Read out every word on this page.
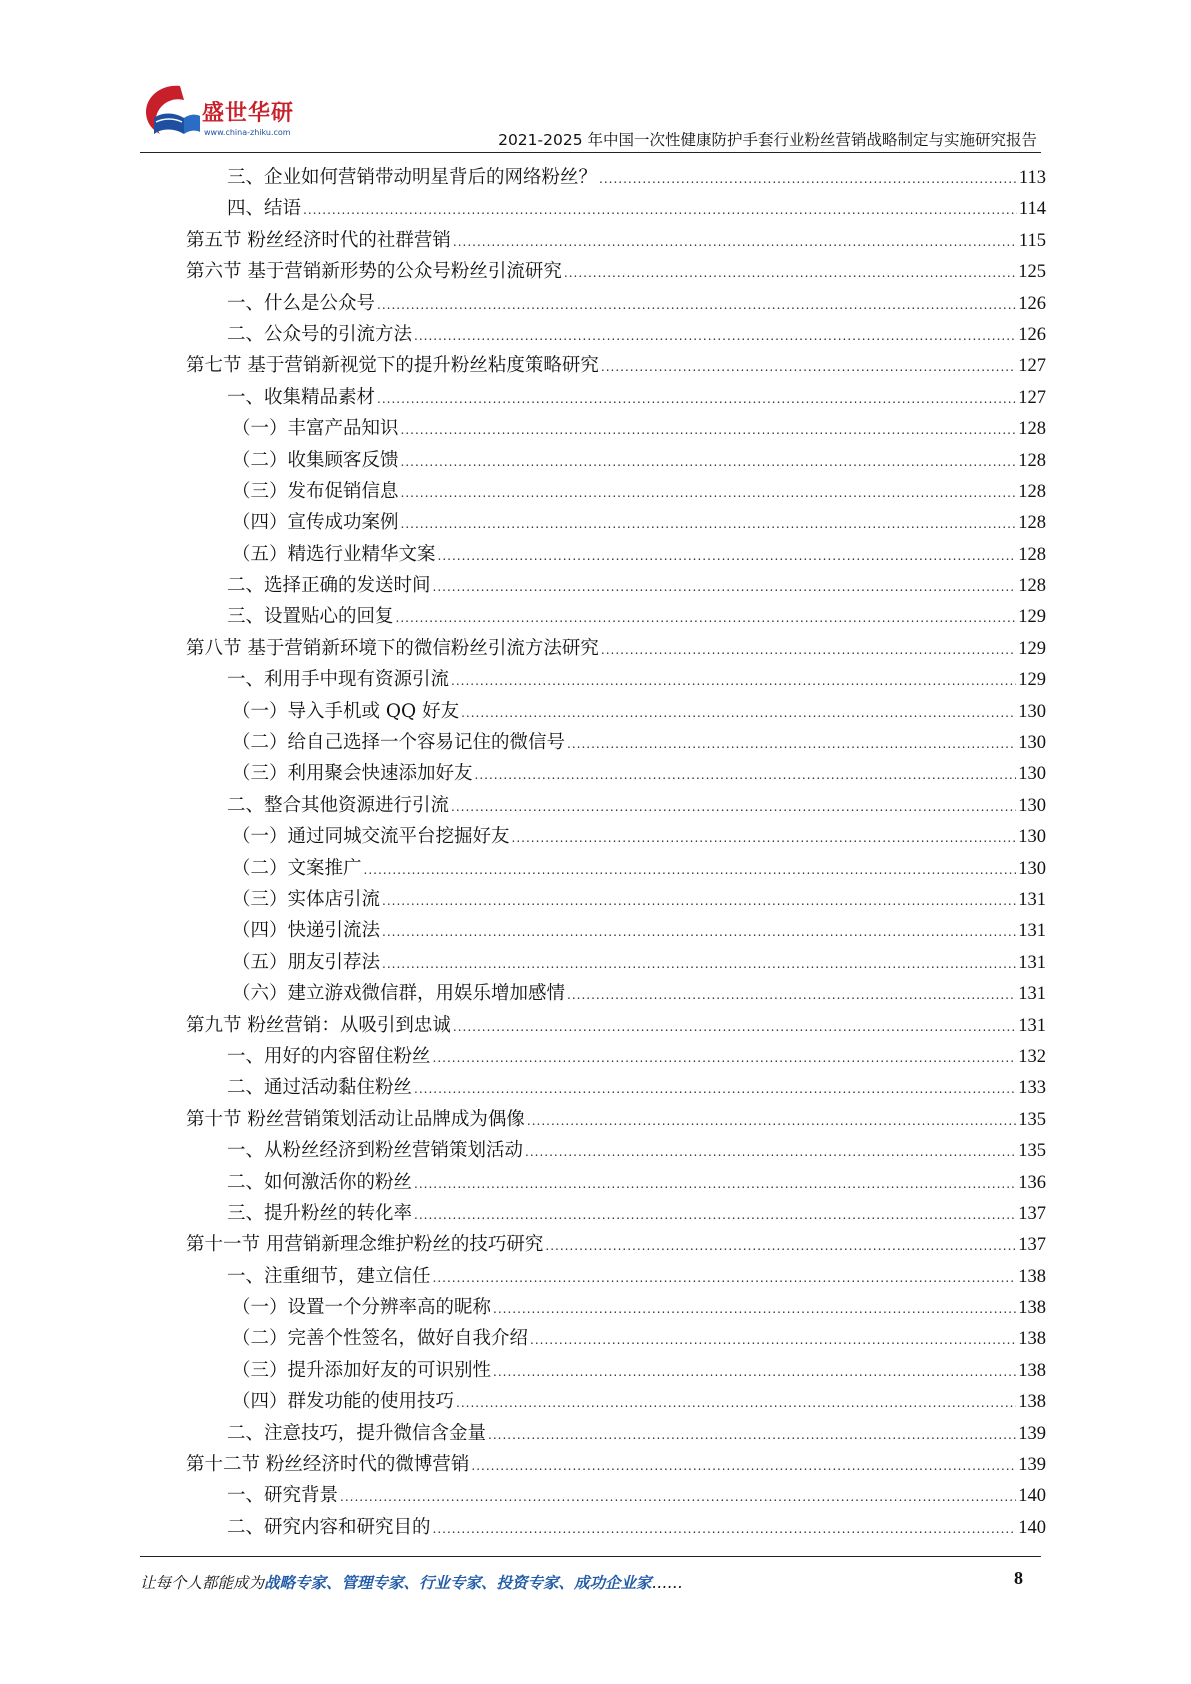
盛世华研
www.china-zhiku.com	2021-2025 年中国一次性健康防护手套行业粉丝营销战略制定与实施研究报告
三、企业如何营销带动明星背后的网络粉丝？ .....	113
四、结语 .....	114
第五节 粉丝经济时代的社群营销 .....	115
第六节 基于营销新形势的公众号粉丝引流研究 .....	125
一、什么是公众号 .....	126
二、公众号的引流方法 .....	126
第七节 基于营销新视觉下的提升粉丝粘度策略研究 .....	127
一、收集精品素材 .....	127
（一）丰富产品知识 .....	128
（二）收集顾客反馈 .....	128
（三）发布促销信息 .....	128
（四）宣传成功案例 .....	128
（五）精选行业精华文案 .....	128
二、选择正确的发送时间 .....	128
三、设置贴心的回复 .....	129
第八节 基于营销新环境下的微信粉丝引流方法研究 .....	129
一、利用手中现有资源引流 .....	129
（一）导入手机或 QQ 好友 .....	130
（二）给自己选择一个容易记住的微信号 .....	130
（三）利用聚会快速添加好友 .....	130
二、整合其他资源进行引流 .....	130
（一）通过同城交流平台挖掘好友 .....	130
（二）文案推广 .....	130
（三）实体店引流 .....	131
（四）快递引流法 .....	131
（五）朋友引荐法 .....	131
（六）建立游戏微信群，用娱乐增加感情 .....	131
第九节 粉丝营销：从吸引到忠诚 .....	131
一、用好的内容留住粉丝 .....	132
二、通过活动黏住粉丝 .....	133
第十节 粉丝营销策划活动让品牌成为偶像 .....	135
一、从粉丝经济到粉丝营销策划活动 .....	135
二、如何激活你的粉丝 .....	136
三、提升粉丝的转化率 .....	137
第十一节 用营销新理念维护粉丝的技巧研究 .....	137
一、注重细节，建立信任 .....	138
（一）设置一个分辨率高的昵称 .....	138
（二）完善个性签名，做好自我介绍 .....	138
（三）提升添加好友的可识别性 .....	138
（四）群发功能的使用技巧 .....	138
二、注意技巧，提升微信含金量 .....	139
第十二节 粉丝经济时代的微博营销 .....	139
一、研究背景 .....	140
二、研究内容和研究目的 .....	140
让每个人都能成为战略专家、管理专家、行业专家、投资专家、成功企业家……	8
